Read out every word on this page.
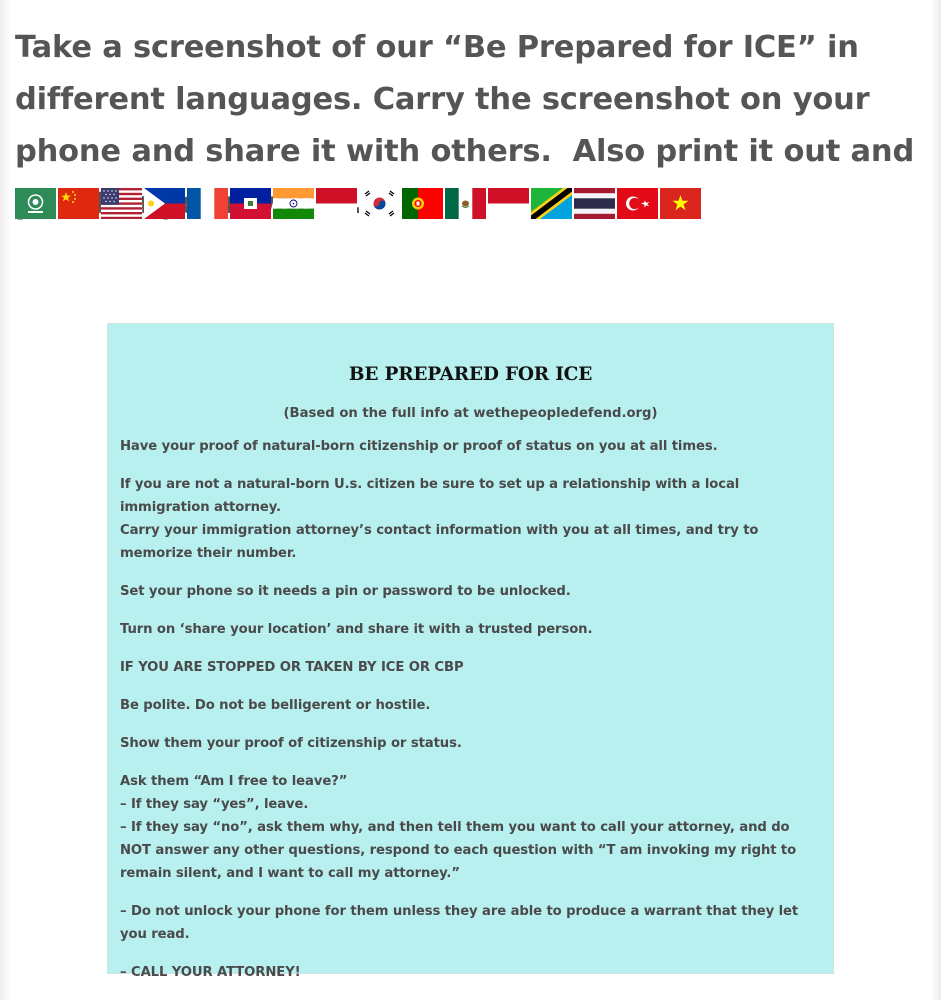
Take a screenshot of our “Be Prepared for ICE” in different languages. Carry the screenshot on your phone and share it with others.  Also print it out and
BE PREPARED FOR ICE
(Based on the full info at wethepeopledefend.org)

Have your proof of natural-born citizenship or proof of status on you at all times.

If you are not a natural-born U.s. citizen be sure to set up a relationship with a local immigration attorney.

Carry your immigration attorney’s contact information with you at all times, and try to memorize their number.

Set your phone so it needs a pin or password to be unlocked.

Turn on ‘share your location’ and share it with a trusted person.

IF YOU ARE STOPPED OR TAKEN BY ICE OR CBP

Be polite. Do not be belligerent or hostile.

Show them your proof of citizenship or status.

Ask them “Am I free to leave?”

– If they say “yes”, leave.

– If they say “no”, ask them why, and then tell them you want to call your attorney, and do NOT answer any other questions, respond to each question with “T am invoking my right to remain silent, and I want to call my attorney.”

– Do not unlock your phone for them unless they are able to produce a warrant that they let you read.

– CALL YOUR ATTORNEY!
